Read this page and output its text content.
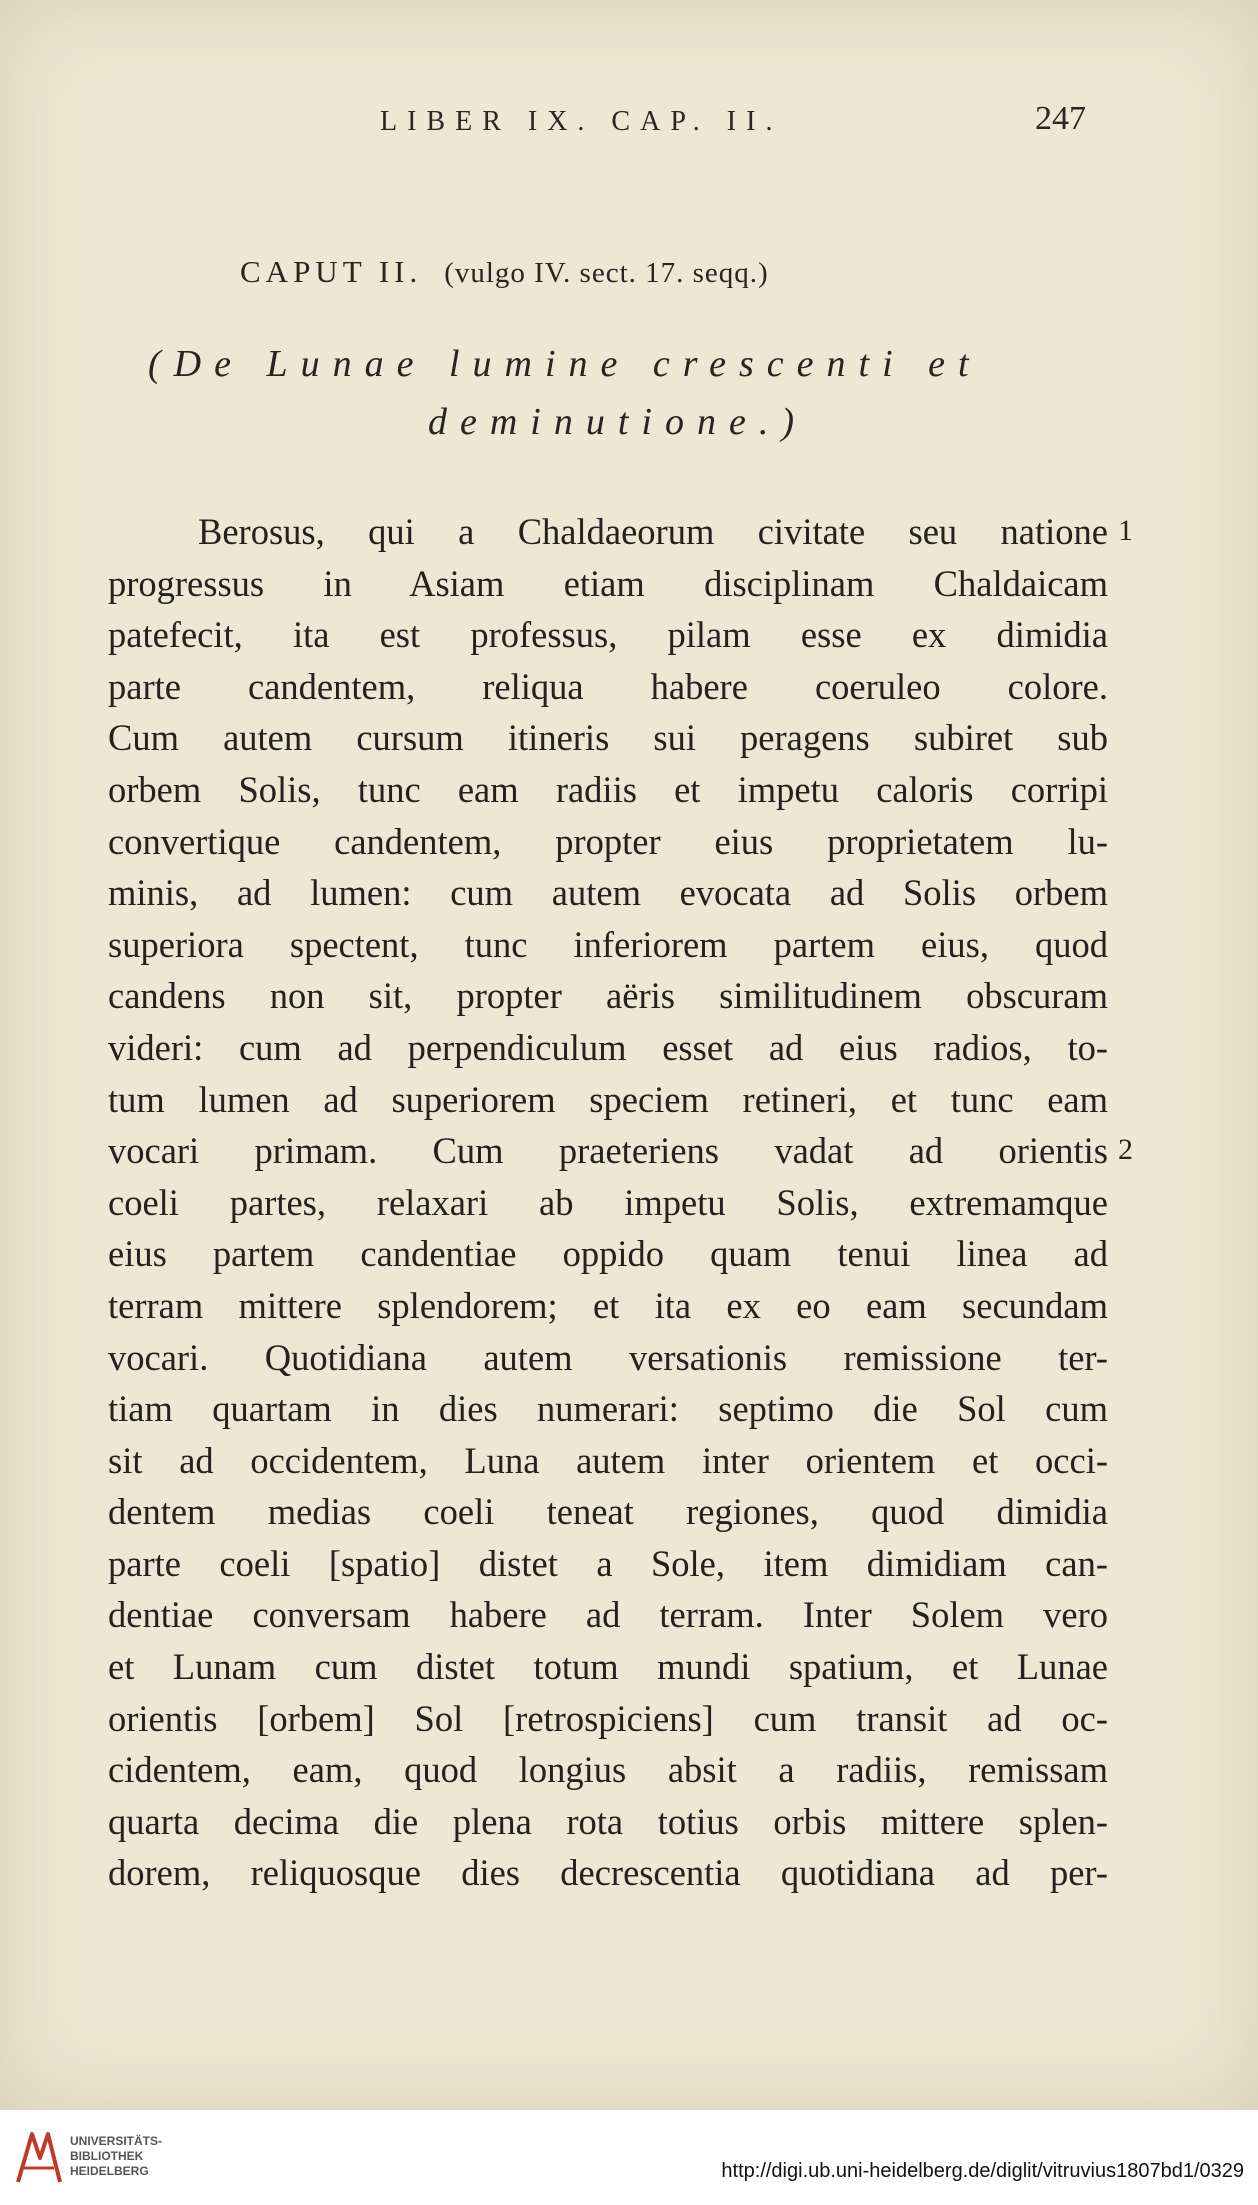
LIBER IX. CAP. II.	247
CAPUT II. (vulgo IV. sect. 17. seqq.)
(De Lunae lumine crescenti et
deminutione.)
1
2
Berosus, qui a Chaldaeorum civitate seu natione
progressus in Asiam etiam disciplinam Chaldaicam
patefecit, ita est professus, pilam esse ex dimidia
parte candentem, reliqua habere coeruleo colore.
Cum autem cursum itineris sui peragens subiret sub
orbem Solis, tunc eam radiis et impetu caloris corripi
convertique candentem, propter eius proprietatem lu-
minis, ad lumen: cum autem evocata ad Solis orbem
superiora spectent, tunc inferiorem partem eius, quod
candens non sit, propter aëris similitudinem obscuram
videri: cum ad perpendiculum esset ad eius radios, to-
tum lumen ad superiorem speciem retineri, et tunc eam
vocari primam. Cum praeteriens vadat ad orientis
coeli partes, relaxari ab impetu Solis, extremamque
eius partem candentiae oppido quam tenui linea ad
terram mittere splendorem; et ita ex eo eam secundam
vocari. Quotidiana autem versationis remissione ter-
tiam quartam in dies numerari: septimo die Sol cum
sit ad occidentem, Luna autem inter orientem et occi-
dentem medias coeli teneat regiones, quod dimidia
parte coeli [spatio] distet a Sole, item dimidiam can-
dentiae conversam habere ad terram. Inter Solem vero
et Lunam cum distet totum mundi spatium, et Lunae
orientis [orbem] Sol [retrospiciens] cum transit ad oc-
cidentem, eam, quod longius absit a radiis, remissam
quarta decima die plena rota totius orbis mittere splen-
dorem, reliquosque dies decrescentia quotidiana ad per-
UNIVERSITÄTS-
BIBLIOTHEK
HEIDELBERG	http://digi.ub.uni-heidelberg.de/diglit/vitruvius1807bd1/0329
